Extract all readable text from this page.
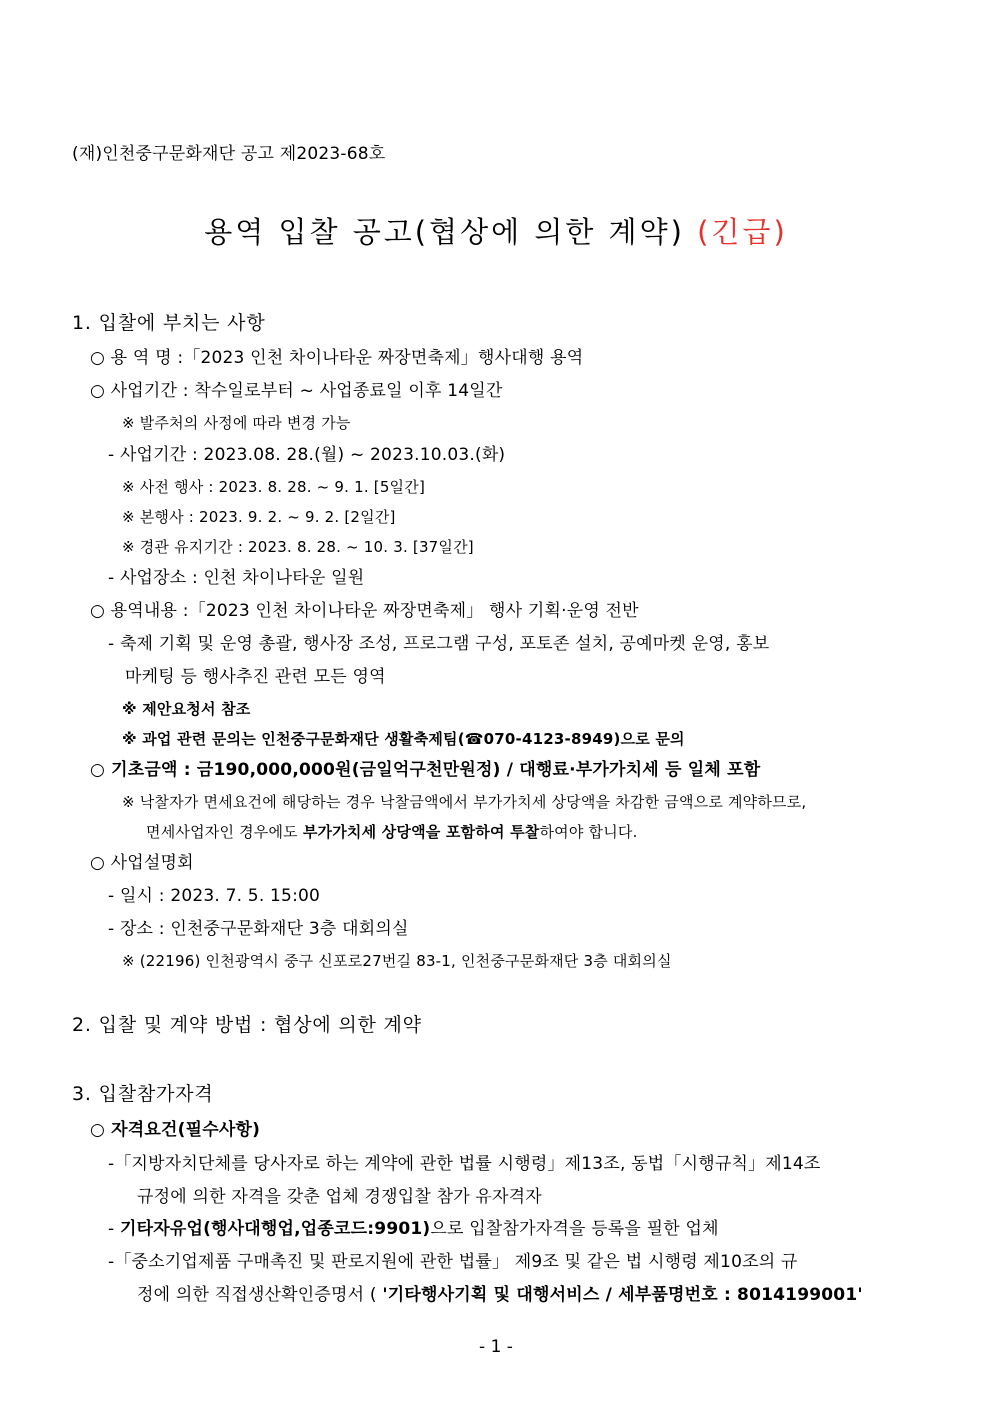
(재)인천중구문화재단 공고 제2023-68호
용역 입찰 공고(협상에 의한 계약) (긴급)
1. 입찰에 부치는 사항
○ 용 역 명 :「2023 인천 차이나타운 짜장면축제」행사대행 용역
○ 사업기간 : 착수일로부터 ~ 사업종료일 이후 14일간
※ 발주처의 사정에 따라 변경 가능
- 사업기간 : 2023.08. 28.(월) ~ 2023.10.03.(화)
※ 사전 행사 : 2023. 8. 28. ~ 9. 1. [5일간]
※ 본행사 : 2023. 9. 2. ~ 9. 2. [2일간]
※ 경관 유지기간 : 2023. 8. 28. ~ 10. 3. [37일간]
- 사업장소 : 인천 차이나타운 일원
○ 용역내용 :「2023 인천 차이나타운 짜장면축제」 행사 기획·운영 전반
- 축제 기획 및 운영 총괄, 행사장 조성, 프로그램 구성, 포토존 설치, 공예마켓 운영, 홍보
마케팅 등 행사추진 관련 모든 영역
※ 제안요청서 참조
※ 과업 관련 문의는 인천중구문화재단 생활축제팀(☎070-4123-8949)으로 문의
○ 기초금액 : 금190,000,000원(금일억구천만원정) / 대행료·부가가치세 등 일체 포함
※ 낙찰자가 면세요건에 해당하는 경우 낙찰금액에서 부가가치세 상당액을 차감한 금액으로 계약하므로,
면세사업자인 경우에도 부가가치세 상당액을 포함하여 투찰하여야 합니다.
○ 사업설명회
- 일시 : 2023. 7. 5. 15:00
- 장소 : 인천중구문화재단 3층 대회의실
※ (22196) 인천광역시 중구 신포로27번길 83-1, 인천중구문화재단 3층 대회의실
2. 입찰 및 계약 방법 : 협상에 의한 계약
3. 입찰참가자격
○ 자격요건(필수사항)
-「지방자치단체를 당사자로 하는 계약에 관한 법률 시행령」제13조, 동법「시행규칙」제14조
규정에 의한 자격을 갖춘 업체 경쟁입찰 참가 유자격자
- 기타자유업(행사대행업,업종코드:9901)으로 입찰참가자격을 등록을 필한 업체
-「중소기업제품 구매촉진 및 판로지원에 관한 법률」 제9조 및 같은 법 시행령 제10조의 규
정에 의한 직접생산확인증명서 ( '기타행사기획 및 대행서비스 / 세부품명번호 : 8014199001'
- 1 -
